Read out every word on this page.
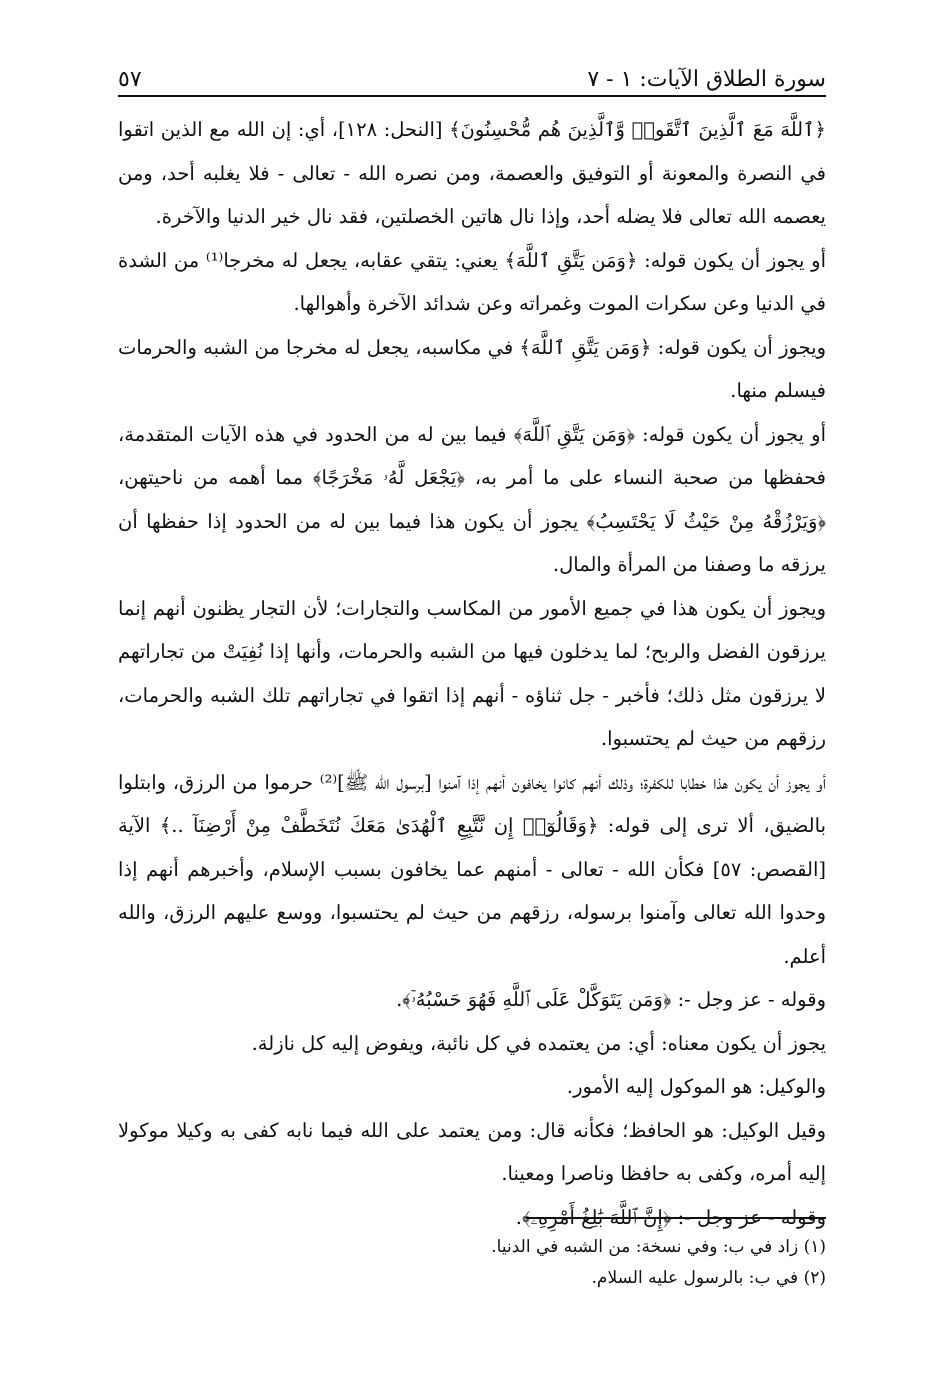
سورة الطلاق الآيات: ١ - ٧
٥٧

﴿ٱللَّهَ مَعَ ٱلَّذِينَ ٱتَّقَوا۟ وَّٱلَّذِينَ هُم مُّحْسِنُونَ﴾ [النحل: ١٢٨]، أي: إن الله مع الذين اتقوا في النصرة والمعونة أو التوفيق والعصمة، ومن نصره الله - تعالى - فلا يغلبه أحد، ومن يعصمه الله تعالى فلا يضله أحد، وإذا نال هاتين الخصلتين، فقد نال خير الدنيا والآخرة.

أو يجوز أن يكون قوله: ﴿وَمَن يَتَّقِ ٱللَّهَ﴾ يعني: يتقي عقابه، يجعل له مخرجا⁽¹⁾ من الشدة في الدنيا وعن سكرات الموت وغمراته وعن شدائد الآخرة وأهوالها.

ويجوز أن يكون قوله: ﴿وَمَن يَتَّقِ ٱللَّهَ﴾ في مكاسبه، يجعل له مخرجا من الشبه والحرمات فيسلم منها.

أو يجوز أن يكون قوله: ﴿وَمَن يَتَّقِ ٱللَّهَ﴾ فيما بين له من الحدود في هذه الآيات المتقدمة، فحفظها من صحبة النساء على ما أمر به، ﴿يَجْعَل لَّهُۥ مَخْرَجًا﴾ مما أهمه من ناحيتهن، ﴿وَيَرْزُقْهُ مِنْ حَيْثُ لَا يَحْتَسِبُ﴾ يجوز أن يكون هذا فيما بين له من الحدود إذا حفظها أن يرزقه ما وصفنا من المرأة والمال.

ويجوز أن يكون هذا في جميع الأمور من المكاسب والتجارات؛ لأن التجار يظنون أنهم إنما يرزقون الفضل والربح؛ لما يدخلون فيها من الشبه والحرمات، وأنها إذا نُفِيَتْ من تجاراتهم لا يرزقون مثل ذلك؛ فأخبر - جل ثناؤه - أنهم إذا اتقوا في تجاراتهم تلك الشبه والحرمات، رزقهم من حيث لم يحتسبوا.

أو يجوز أن يكون هذا خطابا للكفرة؛ وذلك أنهم كانوا يخافون أنهم إذا آمنوا [برسول الله ﷺ]⁽²⁾ حرموا من الرزق، وابتلوا بالضيق، ألا ترى إلى قوله: ﴿وَقَالُوٓا۟ إِن نَّتَّبِعِ ٱلْهُدَىٰ مَعَكَ نُتَخَطَّفْ مِنْ أَرْضِنَآ ..﴾ الآية [القصص: ٥٧] فكأن الله - تعالى - أمنهم عما يخافون بسبب الإسلام، وأخبرهم أنهم إذا وحدوا الله تعالى وآمنوا برسوله، رزقهم من حيث لم يحتسبوا، ووسع عليهم الرزق، والله أعلم.

وقوله - عز وجل -: ﴿وَمَن يَتَوَكَّلْ عَلَى ٱللَّهِ فَهُوَ حَسْبُهُۥٓ﴾.

يجوز أن يكون معناه: أي: من يعتمده في كل نائبة، ويفوض إليه كل نازلة.

والوكيل: هو الموكول إليه الأمور.

وقيل الوكيل: هو الحافظ؛ فكأنه قال: ومن يعتمد على الله فيما نابه كفى به وكيلا موكولا إليه أمره، وكفى به حافظا وناصرا ومعينا.

وقوله - عز وجل -: ﴿إِنَّ ٱللَّهَ بَٰلِغُ أَمْرِهِۦ﴾.

(١) زاد في ب: وفي نسخة: من الشبه في الدنيا.

(٢) في ب: بالرسول عليه السلام.
